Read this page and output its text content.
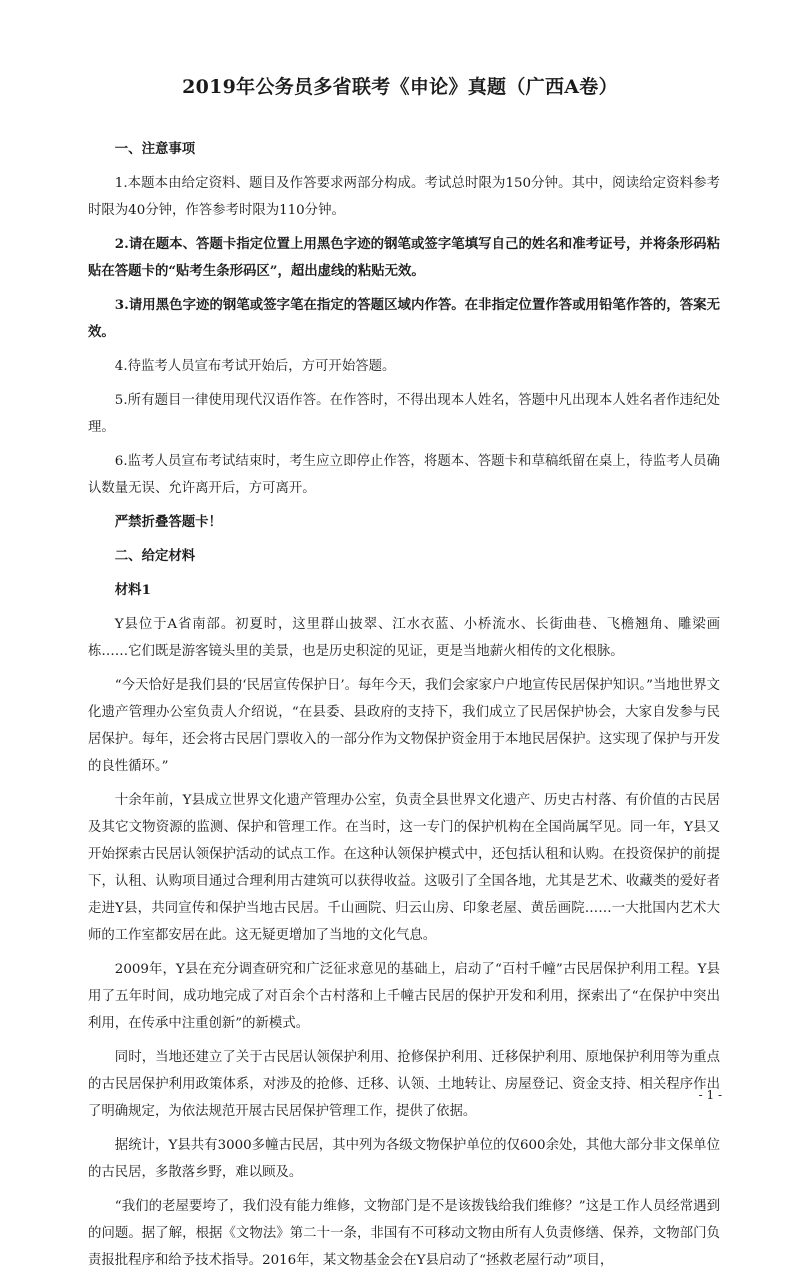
2019年公务员多省联考《申论》真题（广西A卷）

一、注意事项

1.本题本由给定资料、题目及作答要求两部分构成。考试总时限为150分钟。其中，阅读给定资料参考时限为40分钟，作答参考时限为110分钟。

2.请在题本、答题卡指定位置上用黑色字迹的钢笔或签字笔填写自己的姓名和准考证号，并将条形码粘贴在答题卡的“贴考生条形码区”，超出虚线的粘贴无效。

3.请用黑色字迹的钢笔或签字笔在指定的答题区域内作答。在非指定位置作答或用铅笔作答的，答案无效。

4.待监考人员宣布考试开始后，方可开始答题。

5.所有题目一律使用现代汉语作答。在作答时，不得出现本人姓名，答题中凡出现本人姓名者作违纪处理。

6.监考人员宣布考试结束时，考生应立即停止作答，将题本、答题卡和草稿纸留在桌上，待监考人员确认数量无误、允许离开后，方可离开。

严禁折叠答题卡！

二、给定材料

材料1

Y县位于A省南部。初夏时，这里群山披翠、江水衣蓝、小桥流水、长街曲巷、飞檐翘角、雕梁画栋……它们既是游客镜头里的美景，也是历史积淀的见证，更是当地薪火相传的文化根脉。

“今天恰好是我们县的‘民居宣传保护日’。每年今天，我们会家家户户地宣传民居保护知识。”当地世界文化遗产管理办公室负责人介绍说，“在县委、县政府的支持下，我们成立了民居保护协会，大家自发参与民居保护。每年，还会将古民居门票收入的一部分作为文物保护资金用于本地民居保护。这实现了保护与开发的良性循环。”

十余年前，Y县成立世界文化遗产管理办公室，负责全县世界文化遗产、历史古村落、有价值的古民居及其它文物资源的监测、保护和管理工作。在当时，这一专门的保护机构在全国尚属罕见。同一年，Y县又开始探索古民居认领保护活动的试点工作。在这种认领保护模式中，还包括认租和认购。在投资保护的前提下，认租、认购项目通过合理利用古建筑可以获得收益。这吸引了全国各地，尤其是艺术、收藏类的爱好者走进Y县，共同宣传和保护当地古民居。千山画院、归云山房、印象老屋、黄岳画院……一大批国内艺术大师的工作室都安居在此。这无疑更增加了当地的文化气息。

2009年，Y县在充分调查研究和广泛征求意见的基础上，启动了“百村千幢”古民居保护利用工程。Y县用了五年时间，成功地完成了对百余个古村落和上千幢古民居的保护开发和利用，探索出了“在保护中突出利用，在传承中注重创新”的新模式。

同时，当地还建立了关于古民居认领保护利用、抢修保护利用、迁移保护利用、原地保护利用等为重点的古民居保护利用政策体系，对涉及的抢修、迁移、认领、土地转让、房屋登记、资金支持、相关程序作出了明确规定，为依法规范开展古民居保护管理工作，提供了依据。

据统计，Y县共有3000多幢古民居，其中列为各级文物保护单位的仅600余处，其他大部分非文保单位的古民居，多散落乡野，难以顾及。

“我们的老屋要垮了，我们没有能力维修，文物部门是不是该拨钱给我们维修？”这是工作人员经常遇到的问题。据了解，根据《文物法》第二十一条，非国有不可移动文物由所有人负责修缮、保养，文物部门负责报批程序和给予技术指导。2016年，某文物基金会在Y县启动了“拯救老屋行动”项目，

- 1 -
